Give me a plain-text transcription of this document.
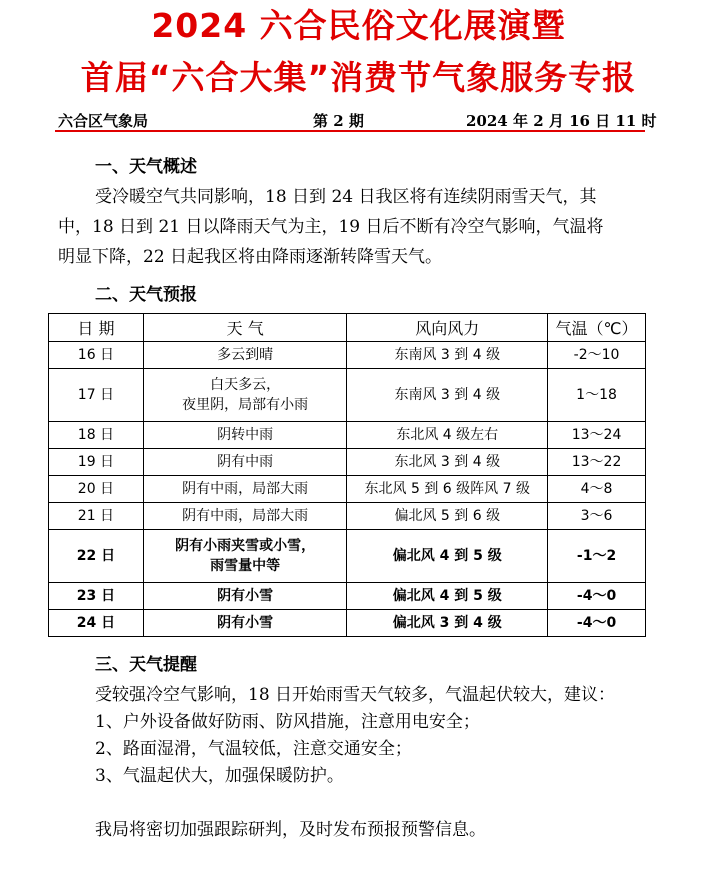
2024 六合民俗文化展演暨
首届“六合大集”消费节气象服务专报
六合区气象局	第 2 期	2024 年 2 月 16 日 11 时
一、天气概述
受冷暖空气共同影响，18 日到 24 日我区将有连续阴雨雪天气，其
中，18 日到 21 日以降雨天气为主，19 日后不断有冷空气影响，气温将
明显下降，22 日起我区将由降雨逐渐转降雪天气。
二、天气预报
日 期	天 气	风向风力	气温（℃）
16 日	多云到晴	东南风 3 到 4 级	-2～10
17 日	白天多云，
夜里阴，局部有小雨	东南风 3 到 4 级	1～18
18 日	阴转中雨	东北风 4 级左右	13～24
19 日	阴有中雨	东北风 3 到 4 级	13～22
20 日	阴有中雨，局部大雨	东北风 5 到 6 级阵风 7 级	4～8
21 日	阴有中雨，局部大雨	偏北风 5 到 6 级	3～6
22 日	阴有小雨夹雪或小雪，
雨雪量中等	偏北风 4 到 5 级	-1～2
23 日	阴有小雪	偏北风 4 到 5 级	-4～0
24 日	阴有小雪	偏北风 3 到 4 级	-4～0
三、天气提醒
受较强冷空气影响，18 日开始雨雪天气较多，气温起伏较大，建议：
1、户外设备做好防雨、防风措施，注意用电安全；
2、路面湿滑，气温较低，注意交通安全；
3、气温起伏大，加强保暖防护。
我局将密切加强跟踪研判，及时发布预报预警信息。
